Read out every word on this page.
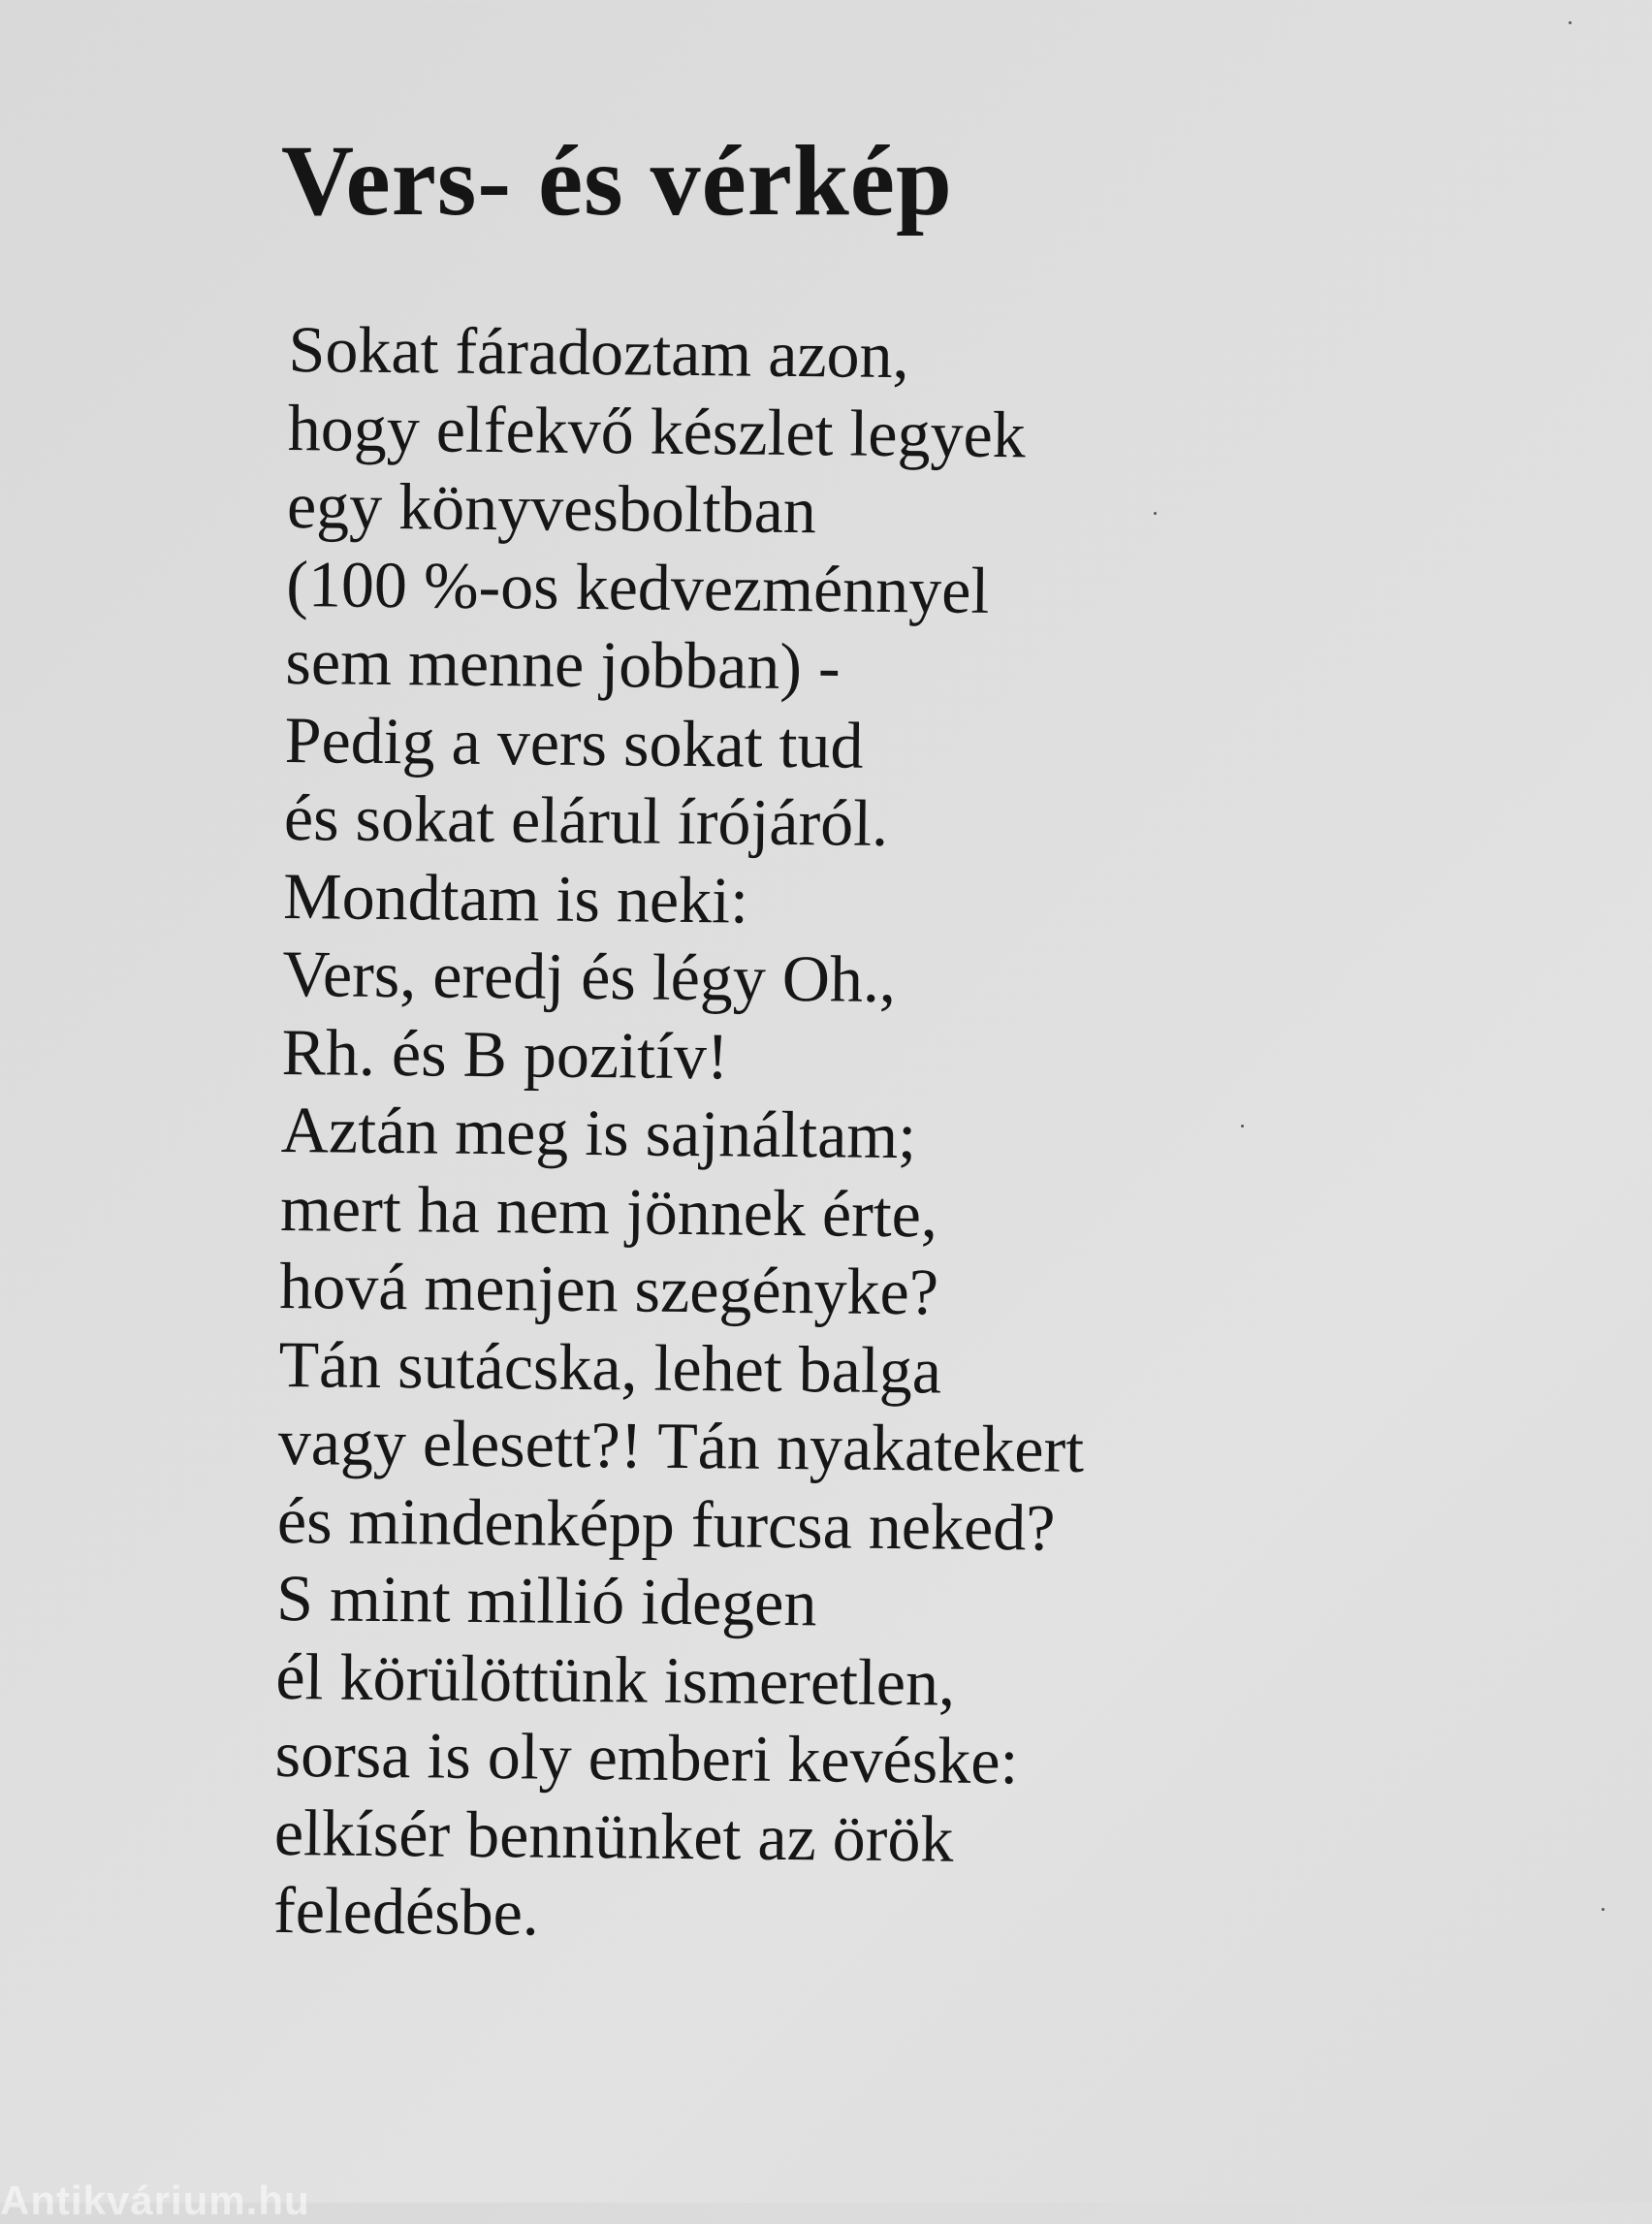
Vers- és vérkép
Sokat fáradoztam azon,
hogy elfekvő készlet legyek
egy könyvesboltban
(100 %-os kedvezménnyel
sem menne jobban) -
Pedig a vers sokat tud
és sokat elárul írójáról.
Mondtam is neki:
Vers, eredj és légy Oh.,
Rh. és B pozitív!
Aztán meg is sajnáltam;
mert ha nem jönnek érte,
hová menjen szegényke?
Tán sutácska, lehet balga
vagy elesett?! Tán nyakatekert
és mindenképp furcsa neked?
S mint millió idegen
él körülöttünk ismeretlen,
sorsa is oly emberi kevéske:
elkísér bennünket az örök
feledésbe.
Antikvárium.hu
